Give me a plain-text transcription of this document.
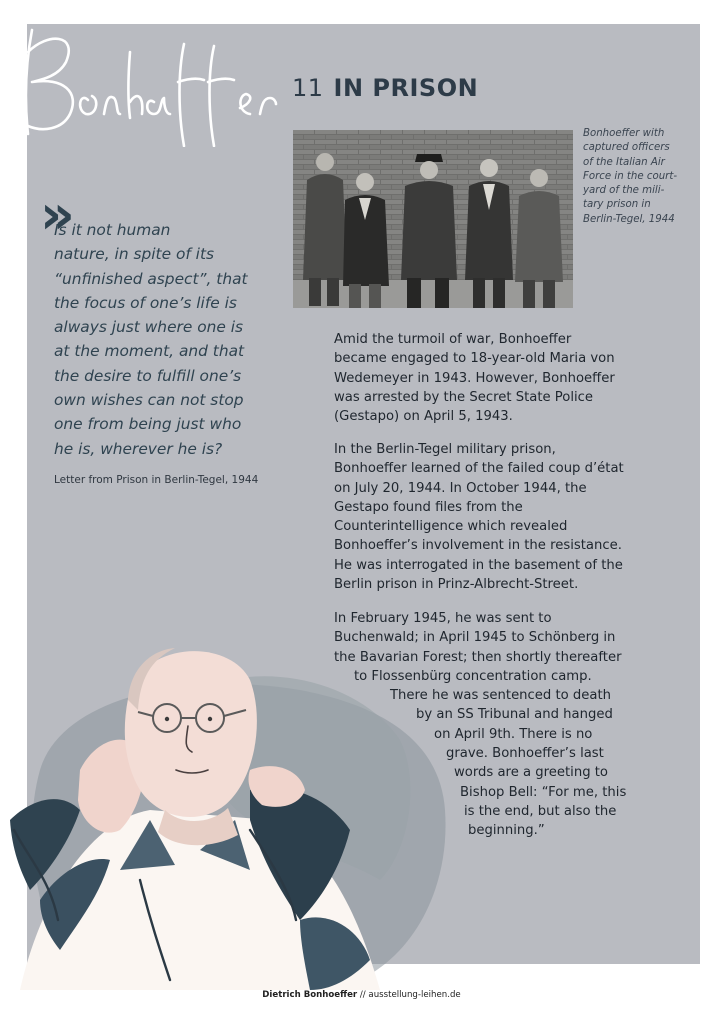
11 IN PRISON
Bonhoeffer with
captured officers
of the Italian Air
Force in the court-
yard of the mili-
tary prison in
Berlin-Tegel, 1944
»
Is it not human
nature, in spite of its
“unfinished aspect”, that
the focus of one’s life is
always just where one is
at the moment, and that
the desire to fulfill one’s
own wishes can not stop
one from being just who
he is, wherever he is?
Letter from Prison in Berlin-Tegel, 1944
Amid the turmoil of war, Bonhoeffer
became engaged to 18-year-old Maria von
Wedemeyer in 1943. However, Bonhoeffer
was arrested by the Secret State Police
(Gestapo) on April 5, 1943.
In the Berlin-Tegel military prison,
Bonhoeffer learned of the failed coup d’état
on July 20, 1944. In October 1944, the
Gestapo found files from the
Counterintelligence which revealed
Bonhoeffer’s involvement in the resistance.
He was interrogated in the basement of the
Berlin prison in Prinz-Albrecht-Street.
In February 1945, he was sent to
Buchenwald; in April 1945 to Schönberg in
the Bavarian Forest; then shortly thereafter
to Flossenbürg concentration camp.
There he was sentenced to death
by an SS Tribunal and hanged
on April 9th. There is no
grave. Bonhoeffer’s last
words are a greeting to
Bishop Bell: “For me, this
is the end, but also the
beginning.”
Dietrich Bonhoeffer // ausstellung-leihen.de
